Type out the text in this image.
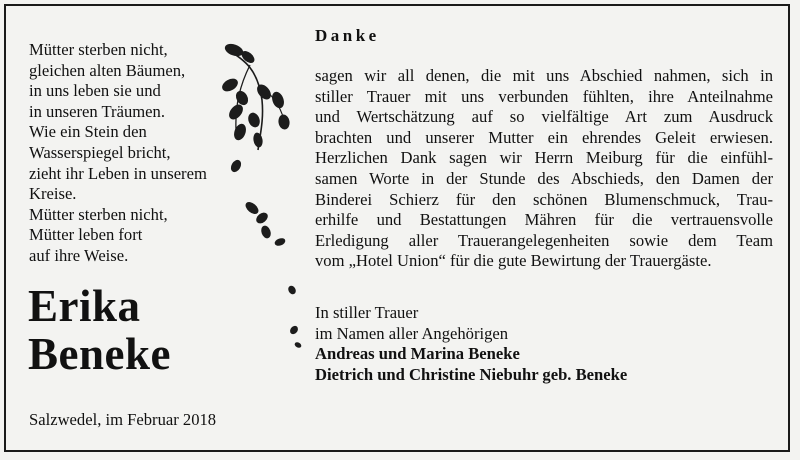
Mütter sterben nicht,
gleichen alten Bäumen,
in uns leben sie und
in unseren Träumen.
Wie ein Stein den
Wasserspiegel bricht,
zieht ihr Leben in unserem
Kreise.
Mütter sterben nicht,
Mütter leben fort
auf ihre Weise.
Erika
Beneke
Salzwedel, im Februar 2018
Danke
sagen wir all denen, die mit uns Abschied nahmen, sich in
stiller Trauer mit uns verbunden fühlten, ihre Anteilnahme
und Wertschätzung auf so vielfältige Art zum Ausdruck
brachten und unserer Mutter ein ehrendes Geleit erwiesen.
Herzlichen Dank sagen wir Herrn Meiburg für die einfühl-
samen Worte in der Stunde des Abschieds, den Damen der
Binderei Schierz für den schönen Blumenschmuck, Trau-
erhilfe und Bestattungen Mähren für die vertrauensvolle
Erledigung aller Trauerangelegenheiten sowie dem Team
vom „Hotel Union“ für die gute Bewirtung der Trauergäste.
In stiller Trauer
im Namen aller Angehörigen
Andreas und Marina Beneke
Dietrich und Christine Niebuhr geb. Beneke
